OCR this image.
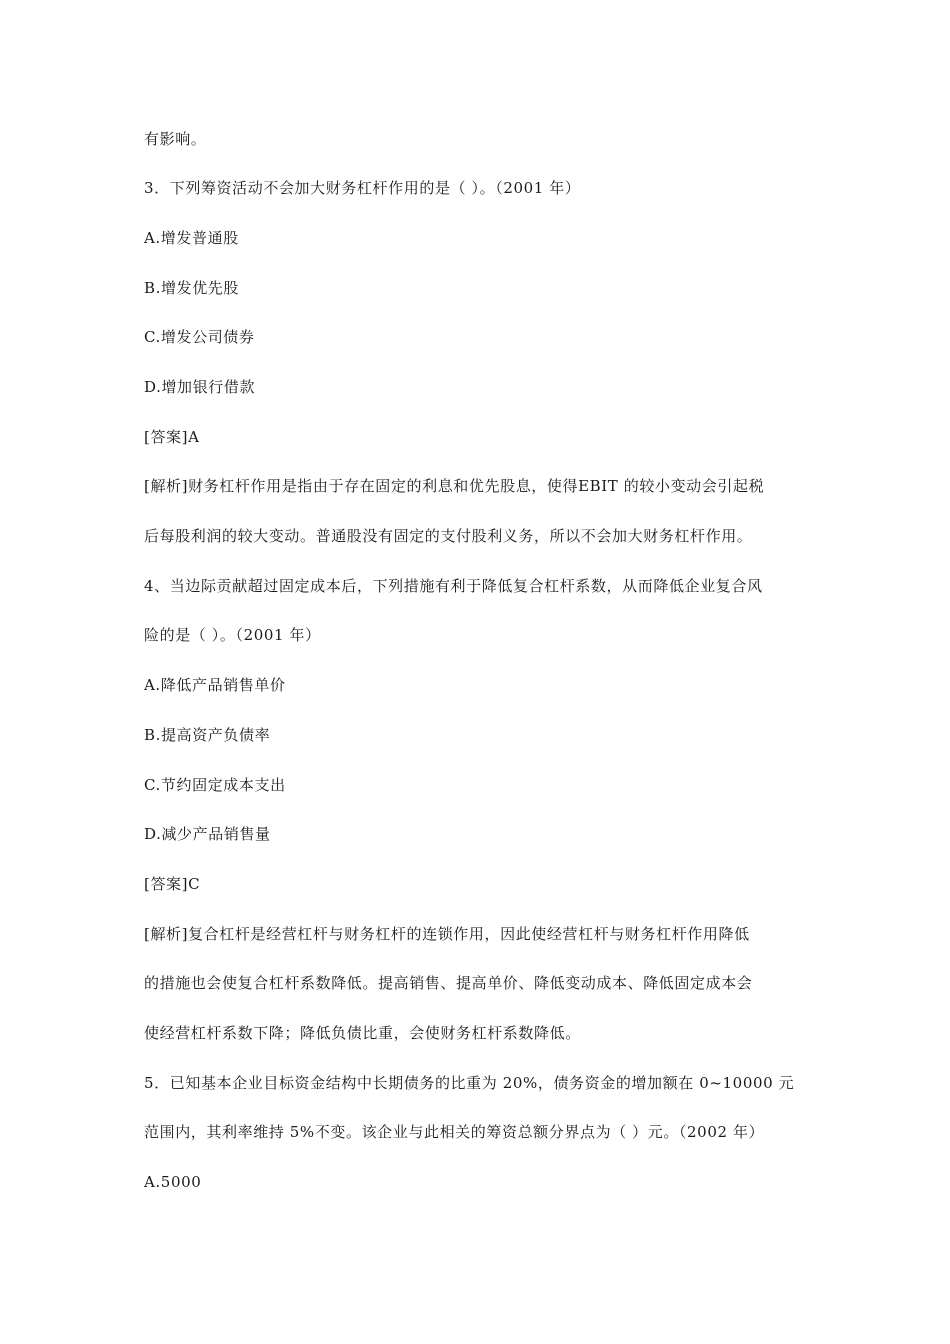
有影响。
3．下列筹资活动不会加大财务杠杆作用的是（ ）。（2001 年）
A.增发普通股
B.增发优先股
C.增发公司债券
D.增加银行借款
[答案]A
[解析]财务杠杆作用是指由于存在固定的利息和优先股息，使得EBIT 的较小变动会引起税
后每股利润的较大变动。普通股没有固定的支付股利义务，所以不会加大财务杠杆作用。
4、当边际贡献超过固定成本后，下列措施有利于降低复合杠杆系数，从而降低企业复合风
险的是（ ）。（2001 年）
A.降低产品销售单价
B.提高资产负债率
C.节约固定成本支出
D.减少产品销售量
[答案]C
[解析]复合杠杆是经营杠杆与财务杠杆的连锁作用，因此使经营杠杆与财务杠杆作用降低
的措施也会使复合杠杆系数降低。提高销售、提高单价、降低变动成本、降低固定成本会
使经营杠杆系数下降；降低负债比重，会使财务杠杆系数降低。
5．已知基本企业目标资金结构中长期债务的比重为 20%，债务资金的增加额在 0~10000 元
范围内，其利率维持 5%不变。该企业与此相关的筹资总额分界点为（ ）元。（2002 年）
A.5000
